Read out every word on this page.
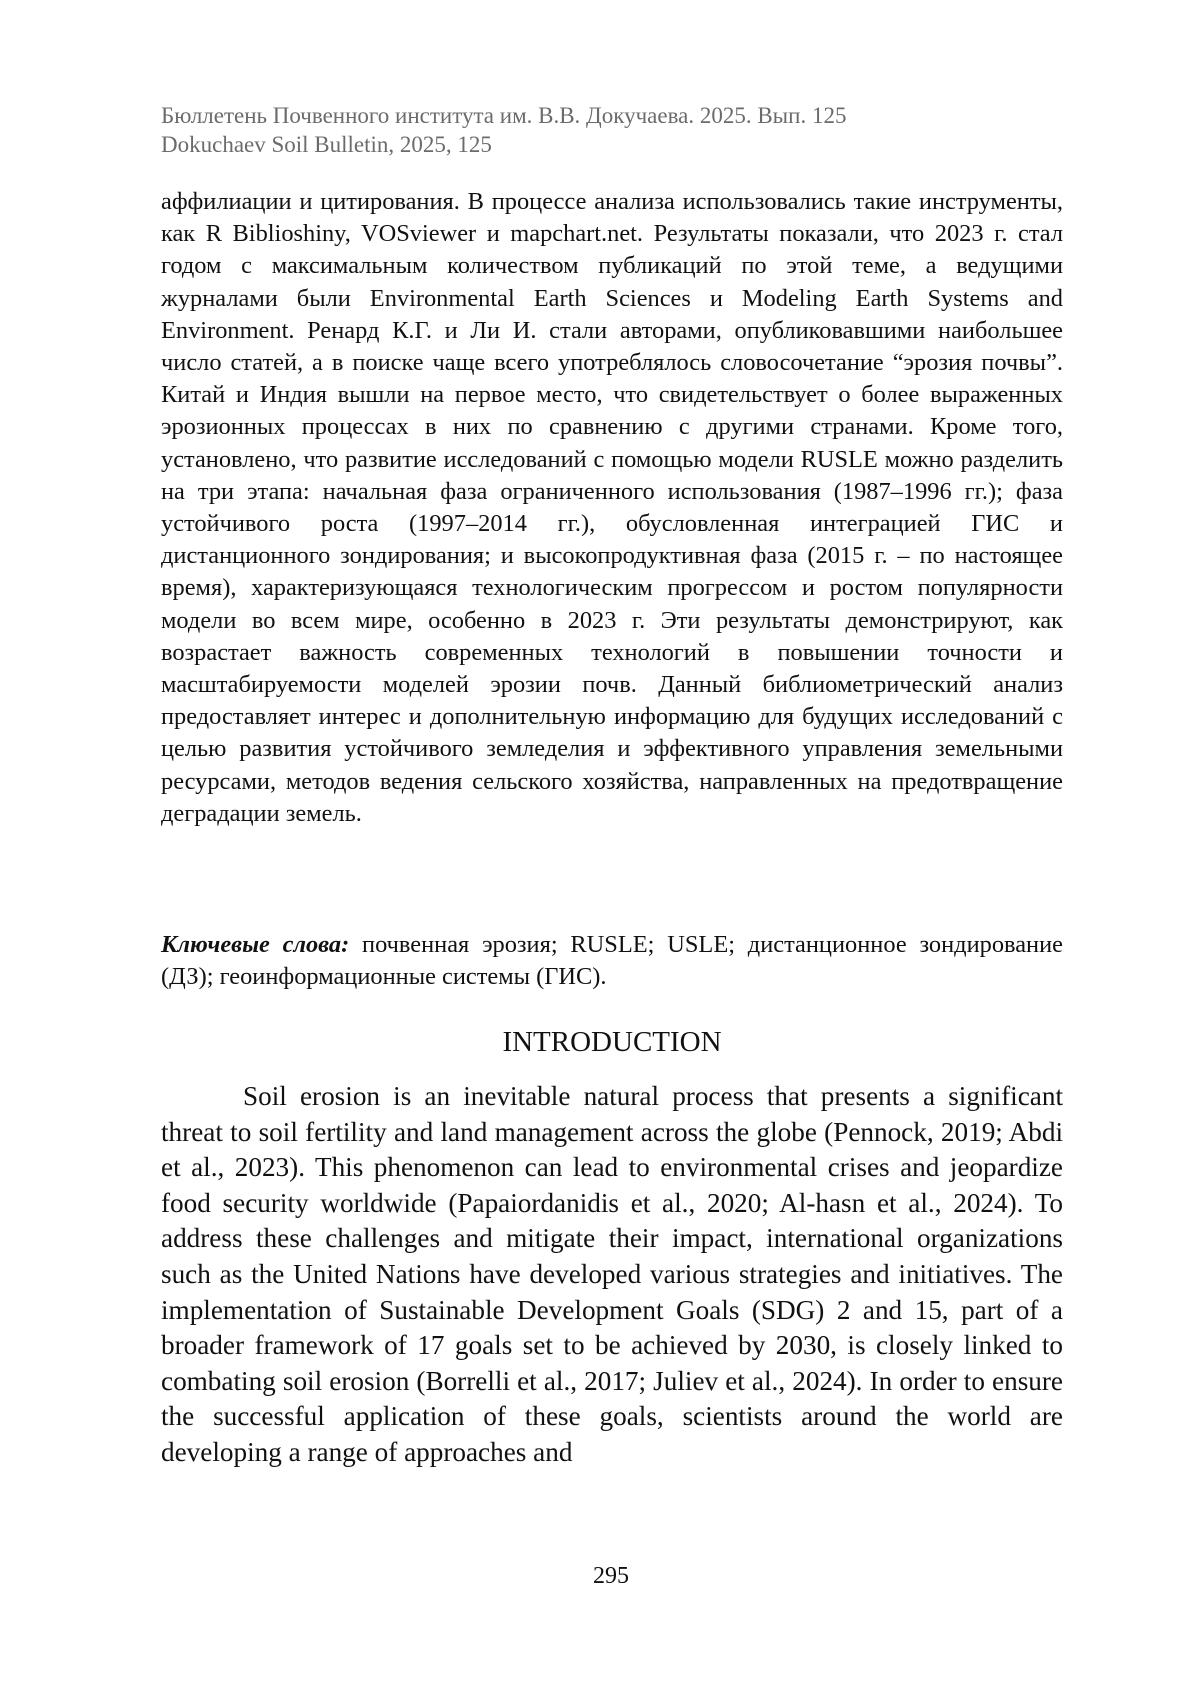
Бюллетень Почвенного института им. В.В. Докучаева. 2025. Вып. 125
Dokuchaev Soil Bulletin, 2025, 125

аффилиации и цитирования. В процессе анализа использовались такие инструменты, как R Biblioshiny, VOSviewer и mapchart.net. Результаты показали, что 2023 г. стал годом с максимальным количеством публикаций по этой теме, а ведущими журналами были Environmental Earth Sciences и Modeling Earth Systems and Environment. Ренард К.Г. и Ли И. стали авторами, опубликовавшими наибольшее число статей, а в поиске чаще всего употреблялось словосочетание “эрозия почвы”. Китай и Индия вышли на первое место, что свидетельствует о более выраженных эрозионных процессах в них по сравнению с другими странами. Кроме того, установлено, что развитие исследований с помощью модели RUSLE можно разделить на три этапа: начальная фаза ограниченного использования (1987–1996 гг.); фаза устойчивого роста (1997–2014 гг.), обусловленная интеграцией ГИС и дистанционного зондирования; и высокопродуктивная фаза (2015 г. – по настоящее время), характеризующаяся технологическим прогрессом и ростом популярности модели во всем мире, особенно в 2023 г. Эти результаты демонстрируют, как возрастает важность современных технологий в повышении точности и масштабируемости моделей эрозии почв. Данный библиометрический анализ предоставляет интерес и дополнительную информацию для будущих исследований с целью развития устойчивого земледелия и эффективного управления земельными ресурсами, методов ведения сельского хозяйства, направленных на предотвращение деградации земель.

Ключевые слова: почвенная эрозия; RUSLE; USLE; дистанционное зондирование (ДЗ); геоинформационные системы (ГИС).

INTRODUCTION

Soil erosion is an inevitable natural process that presents a significant threat to soil fertility and land management across the globe (Pennock, 2019; Abdi et al., 2023). This phenomenon can lead to environmental crises and jeopardize food security worldwide (Papaiordanidis et al., 2020; Al-hasn et al., 2024). To address these challenges and mitigate their impact, international organizations such as the United Nations have developed various strategies and initiatives. The implementation of Sustainable Development Goals (SDG) 2 and 15, part of a broader framework of 17 goals set to be achieved by 2030, is closely linked to combating soil erosion (Borrelli et al., 2017; Juliev et al., 2024). In order to ensure the successful application of these goals, scientists around the world are developing a range of approaches and

295
